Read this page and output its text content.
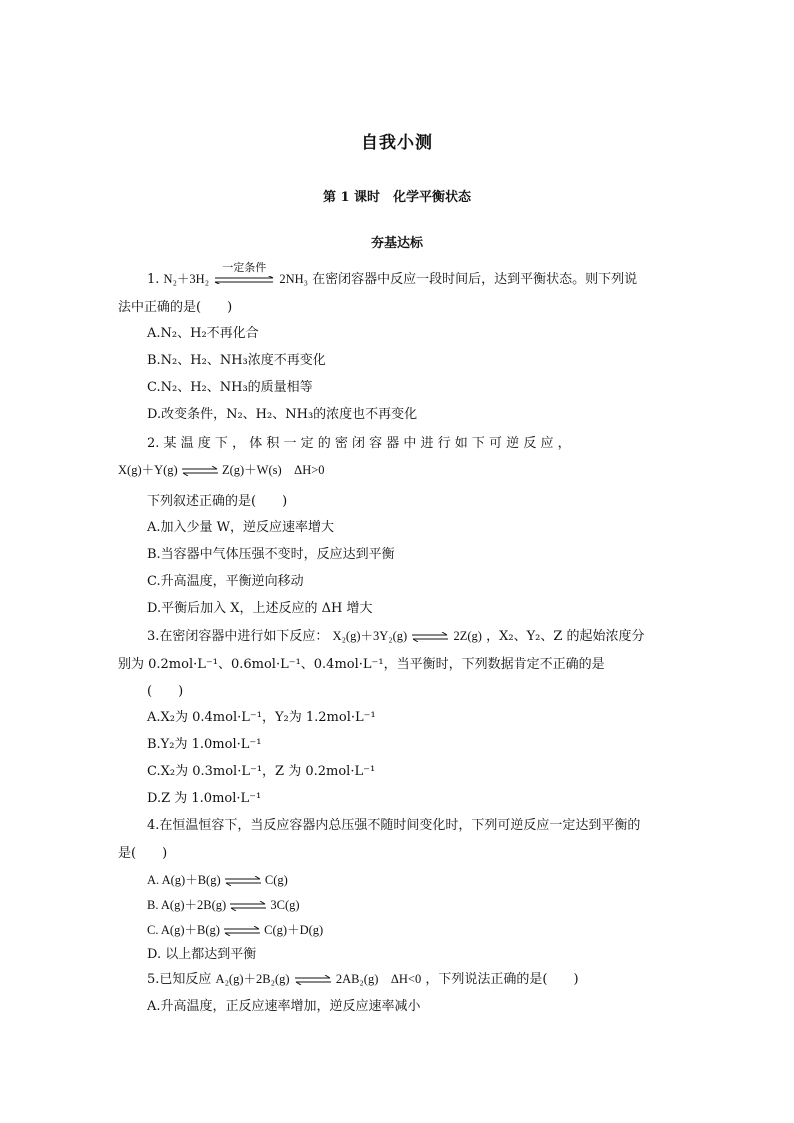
自我小测
第 1 课时　化学平衡状态
夯基达标
1. N₂＋3H₂
一定条件
2NH₃ 在密闭容器中反应一段时间后，达到平衡状态。则下列说
法中正确的是(　　)
A.N₂、H₂不再化合
B.N₂、H₂、NH₃浓度不再变化
C.N₂、H₂、NH₃的质量相等
D.改变条件，N₂、H₂、NH₃的浓度也不再变化
2. 某 温 度 下 ， 体 积 一 定 的 密 闭 容 器 中 进 行 如 下 可 逆 反 应 ，
X(g)＋Y(g) ⇌ Z(g)＋W(s)　ΔH>0
下列叙述正确的是(　　)
A.加入少量 W，逆反应速率增大
B.当容器中气体压强不变时，反应达到平衡
C.升高温度，平衡逆向移动
D.平衡后加入 X，上述反应的 ΔH 增大
3.在密闭容器中进行如下反应： X₂(g)＋3Y₂(g) ⇌ 2Z(g) ，X₂、Y₂、Z 的起始浓度分
别为 0.2mol·L⁻¹、0.6mol·L⁻¹、0.4mol·L⁻¹，当平衡时，下列数据肯定不正确的是
(　　)
A.X₂为 0.4mol·L⁻¹，Y₂为 1.2mol·L⁻¹
B.Y₂为 1.0mol·L⁻¹
C.X₂为 0.3mol·L⁻¹，Z 为 0.2mol·L⁻¹
D.Z 为 1.0mol·L⁻¹
4.在恒温恒容下，当反应容器内总压强不随时间变化时，下列可逆反应一定达到平衡的
是(　　)
A. A(g)＋B(g) ⇌ C(g)
B. A(g)＋2B(g) ⇌ 3C(g)
C. A(g)＋B(g) ⇌ C(g)＋D(g)
D. 以上都达到平衡
5.已知反应 A₂(g)＋2B₂(g) ⇌ 2AB₂(g)　ΔH<0 ，下列说法正确的是(　　)
A.升高温度，正反应速率增加，逆反应速率减小
